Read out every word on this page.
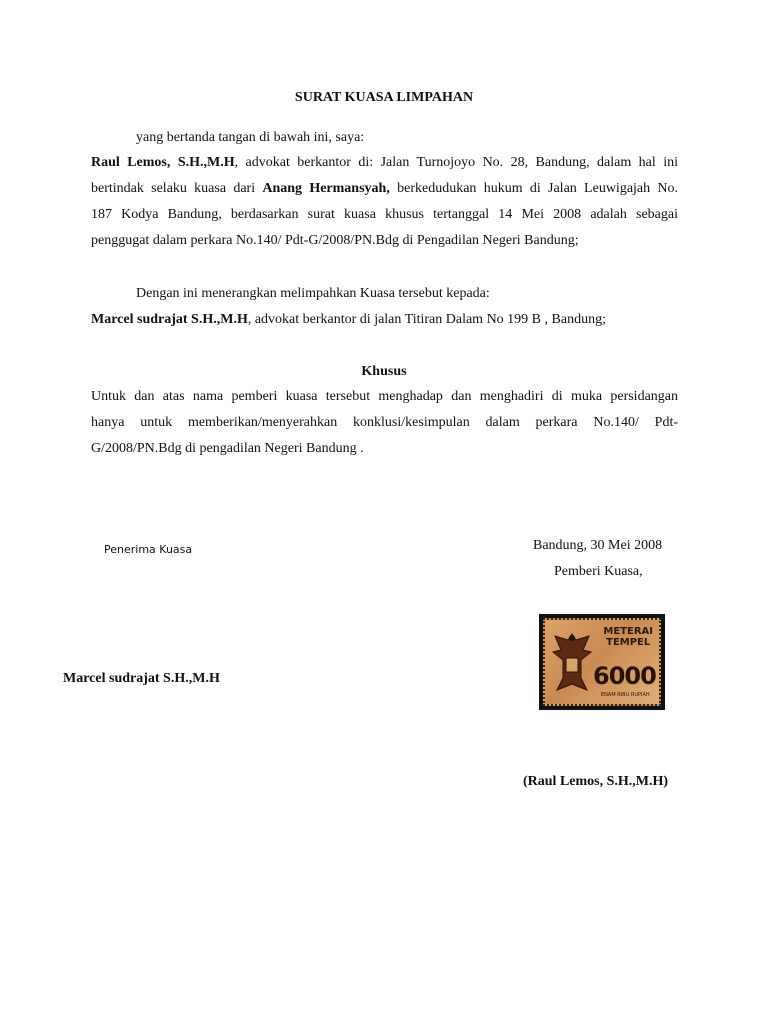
SURAT KUASA LIMPAHAN
yang bertanda tangan di bawah ini, saya:
Raul Lemos, S.H.,M.H, advokat berkantor di: Jalan Turnojoyo No. 28, Bandung, dalam hal ini
bertindak selaku kuasa dari Anang Hermansyah, berkedudukan hukum di Jalan Leuwigajah No.
187 Kodya Bandung, berdasarkan surat kuasa khusus tertanggal 14 Mei 2008 adalah sebagai
penggugat dalam perkara No.140/ Pdt-G/2008/PN.Bdg di Pengadilan Negeri Bandung;
Dengan ini menerangkan melimpahkan Kuasa tersebut kepada:
Marcel sudrajat S.H.,M.H, advokat berkantor di jalan Titiran Dalam No 199 B , Bandung;
Khusus
Untuk dan atas nama pemberi kuasa tersebut menghadap dan menghadiri di muka persidangan
hanya untuk memberikan/menyerahkan konklusi/kesimpulan dalam perkara No.140/ Pdt-
G/2008/PN.Bdg di pengadilan Negeri Bandung .
Penerima Kuasa	Bandung, 30 Mei 2008
Pemberi Kuasa,
METERAI
TEMPEL
6000
ENAM RIBU RUPIAH
Marcel sudrajat S.H.,M.H
(Raul Lemos, S.H.,M.H)
